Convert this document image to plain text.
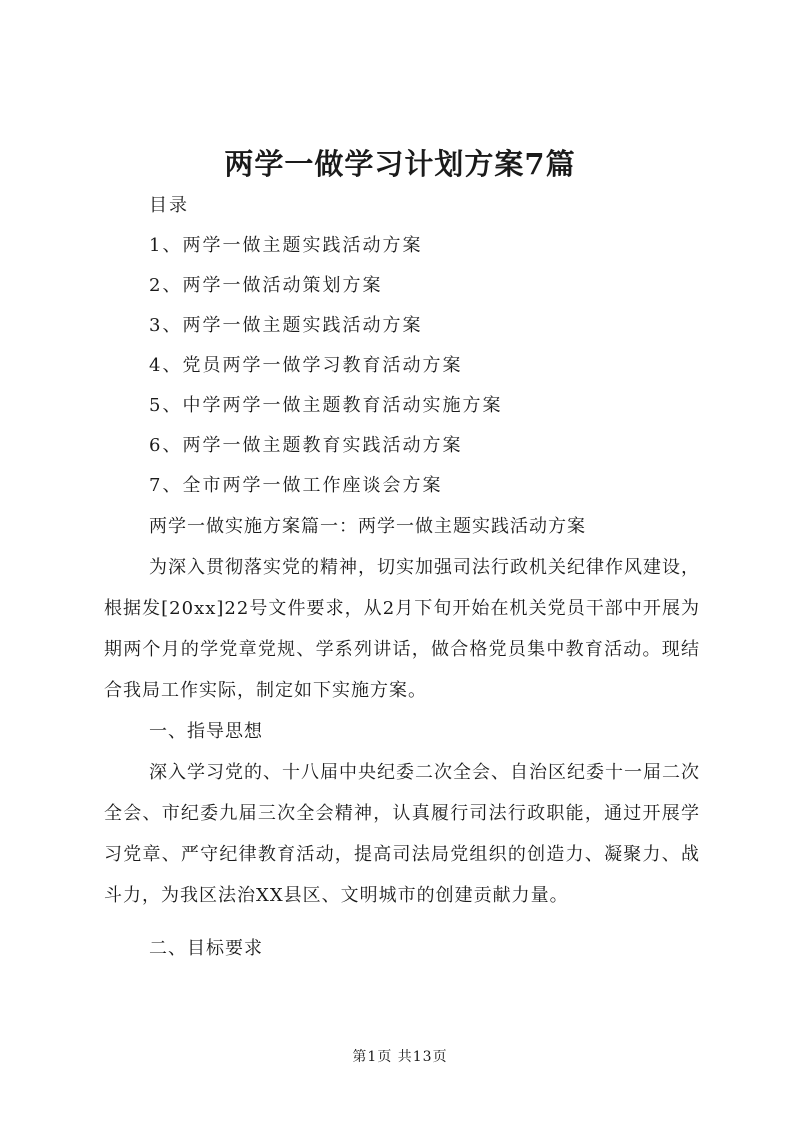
两学一做学习计划方案7篇
目录
1、两学一做主题实践活动方案
2、两学一做活动策划方案
3、两学一做主题实践活动方案
4、党员两学一做学习教育活动方案
5、中学两学一做主题教育活动实施方案
6、两学一做主题教育实践活动方案
7、全市两学一做工作座谈会方案

两学一做实施方案篇一：两学一做主题实践活动方案

为深入贯彻落实党的精神，切实加强司法行政机关纪律作风建设，根据发[20xx]22号文件要求，从2月下旬开始在机关党员干部中开展为期两个月的学党章党规、学系列讲话，做合格党员集中教育活动。现结合我局工作实际，制定如下实施方案。

一、指导思想

深入学习党的、十八届中央纪委二次全会、自治区纪委十一届二次全会、市纪委九届三次全会精神，认真履行司法行政职能，通过开展学习党章、严守纪律教育活动，提高司法局党组织的创造力、凝聚力、战斗力，为我区法治XX县区、文明城市的创建贡献力量。

二、目标要求

第1页 共13页
